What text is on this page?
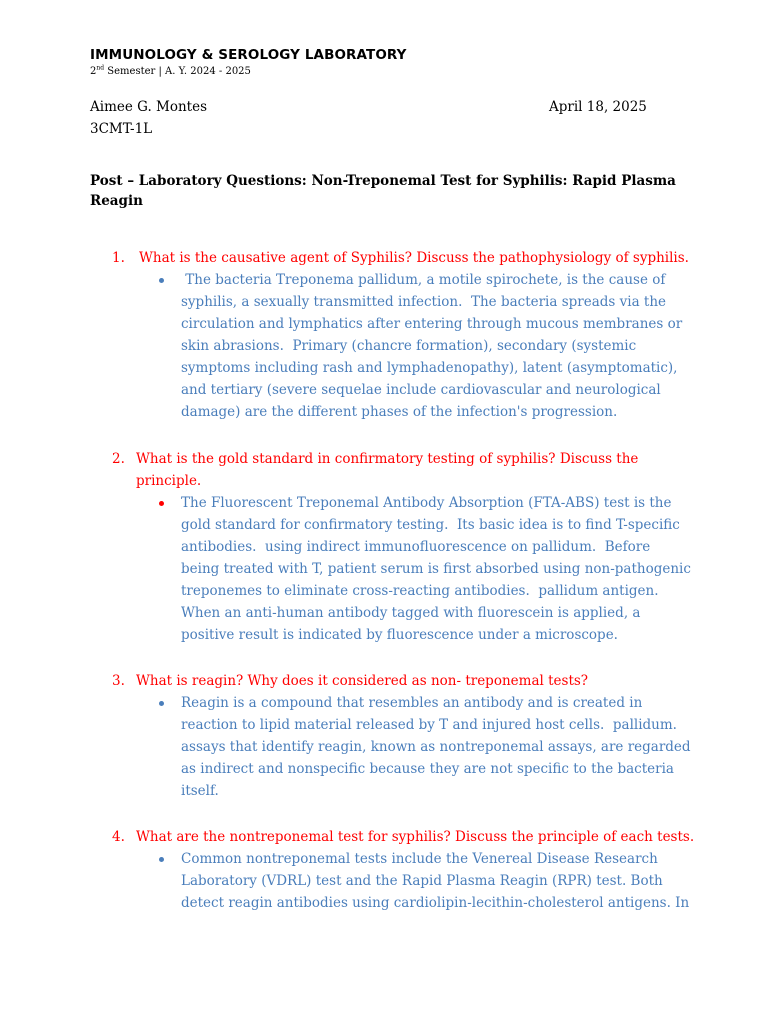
IMMUNOLOGY & SEROLOGY LABORATORY
2nd Semester | A. Y. 2024 - 2025
Aimee G. Montes
3CMT-1L
April 18, 2025
Post – Laboratory Questions: Non-Treponemal Test for Syphilis: Rapid Plasma
Reagin
1. What is the causative agent of Syphilis? Discuss the pathophysiology of syphilis.
The bacteria Treponema pallidum, a motile spirochete, is the cause of
syphilis, a sexually transmitted infection.  The bacteria spreads via the
circulation and lymphatics after entering through mucous membranes or
skin abrasions.  Primary (chancre formation), secondary (systemic
symptoms including rash and lymphadenopathy), latent (asymptomatic),
and tertiary (severe sequelae include cardiovascular and neurological
damage) are the different phases of the infection's progression.
2. What is the gold standard in confirmatory testing of syphilis? Discuss the
principle.
The Fluorescent Treponemal Antibody Absorption (FTA-ABS) test is the
gold standard for confirmatory testing.  Its basic idea is to find T-specific
antibodies.  using indirect immunofluorescence on pallidum.  Before
being treated with T, patient serum is first absorbed using non-pathogenic
treponemes to eliminate cross-reacting antibodies.  pallidum antigen.
When an anti-human antibody tagged with fluorescein is applied, a
positive result is indicated by fluorescence under a microscope.
3. What is reagin? Why does it considered as non- treponemal tests?
Reagin is a compound that resembles an antibody and is created in
reaction to lipid material released by T and injured host cells.  pallidum.
assays that identify reagin, known as nontreponemal assays, are regarded
as indirect and nonspecific because they are not specific to the bacteria
itself.
4. What are the nontreponemal test for syphilis? Discuss the principle of each tests.
Common nontreponemal tests include the Venereal Disease Research
Laboratory (VDRL) test and the Rapid Plasma Reagin (RPR) test. Both
detect reagin antibodies using cardiolipin-lecithin-cholesterol antigens. In
